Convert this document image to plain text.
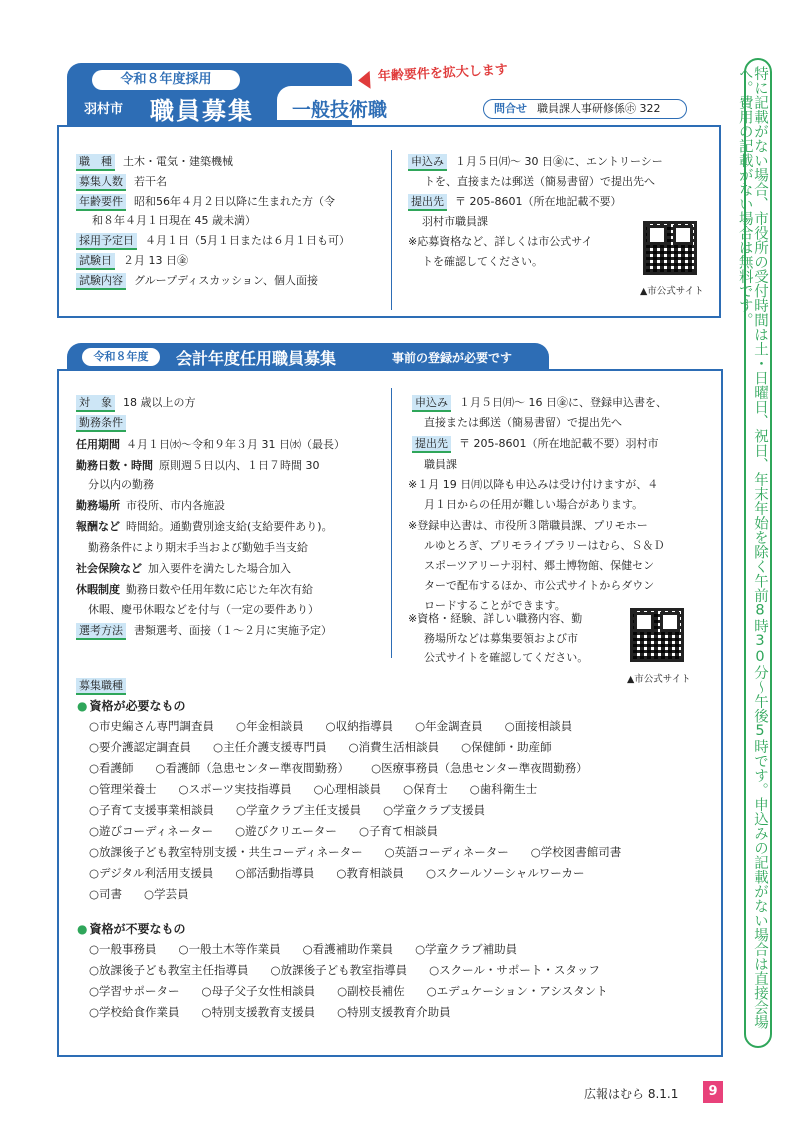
特に記載がない場合、市役所の受付時間は土・日曜日、祝日、年末年始を除く午前8時30分～午後5時です。申込みの記載がない場合は直接会場へ。費用の記載がない場合は無料です。
令和８年度採用
羽村市 職員募集 一般技術職
年齢要件を拡大します
問合せ 職員課人事研修係㋭ 322
職　種 土木・電気・建築機械
募集人数 若干名
年齢要件 昭和56年４月２日以降に生まれた方（令
和８年４月１日現在 45 歳未満）
採用予定日 ４月１日（5月１日または６月１日も可）
試験日 ２月 13 日㊎
試験内容 グループディスカッション、個人面接
申込み １月５日㈪～ 30 日㊎に、エントリーシー
トを、直接または郵送（簡易書留）で提出先へ
提出先 〒 205-8601（所在地記載不要）
羽村市職員課
※応募資格など、詳しくは市公式サイ
トを確認してください。
▲市公式サイト
令和８年度	会計年度任用職員募集	事前の登録が必要です
対　象 18 歳以上の方
勤務条件
任用期間 ４月１日㈬～令和９年３月 31 日㈬（最長）
勤務日数・時間 原則週５日以内、１日７時間 30
分以内の勤務
勤務場所 市役所、市内各施設
報酬など 時間給。通勤費別途支給(支給要件あり)。
勤務条件により期末手当および勤勉手当支給
社会保険など 加入要件を満たした場合加入
休暇制度 勤務日数や任用年数に応じた年次有給
休暇、慶弔休暇などを付与（一定の要件あり）
選考方法 書類選考、面接（１～２月に実施予定）
申込み １月５日㈪～ 16 日㊎に、登録申込書を、
直接または郵送（簡易書留）で提出先へ
提出先 〒 205-8601（所在地記載不要）羽村市
職員課
※１月 19 日㈪以降も申込みは受け付けますが、４
月１日からの任用が難しい場合があります。
※登録申込書は、市役所３階職員課、プリモホー
ルゆとろぎ、プリモライブラリーはむら、Ｓ＆Ｄ
スポーツアリーナ羽村、郷土博物館、保健セン
ターで配布するほか、市公式サイトからダウン
ロードすることができます。
※資格・経験、詳しい職務内容、勤
務場所などは募集要領および市
公式サイトを確認してください。
▲市公式サイト
募集職種
● 資格が必要なもの
○市史編さん専門調査員 ○年金相談員 ○収納指導員 ○年金調査員 ○面接相談員
○要介護認定調査員 ○主任介護支援専門員 ○消費生活相談員 ○保健師・助産師
○看護師 ○看護師（急患センター準夜間勤務） ○医療事務員（急患センター準夜間勤務）
○管理栄養士 ○スポーツ実技指導員 ○心理相談員 ○保育士 ○歯科衛生士
○子育て支援事業相談員 ○学童クラブ主任支援員 ○学童クラブ支援員
○遊びコーディネーター ○遊びクリエーター ○子育て相談員
○放課後子ども教室特別支援・共生コーディネーター ○英語コーディネーター ○学校図書館司書
○デジタル利活用支援員 ○部活動指導員 ○教育相談員 ○スクールソーシャルワーカー
○司書 ○学芸員
● 資格が不要なもの
○一般事務員 ○一般土木等作業員 ○看護補助作業員 ○学童クラブ補助員
○放課後子ども教室主任指導員 ○放課後子ども教室指導員 ○スクール・サポート・スタッフ
○学習サポーター ○母子父子女性相談員 ○副校長補佐 ○エデュケーション・アシスタント
○学校給食作業員 ○特別支援教育支援員 ○特別支援教育介助員
広報はむら 8.1.1	9
